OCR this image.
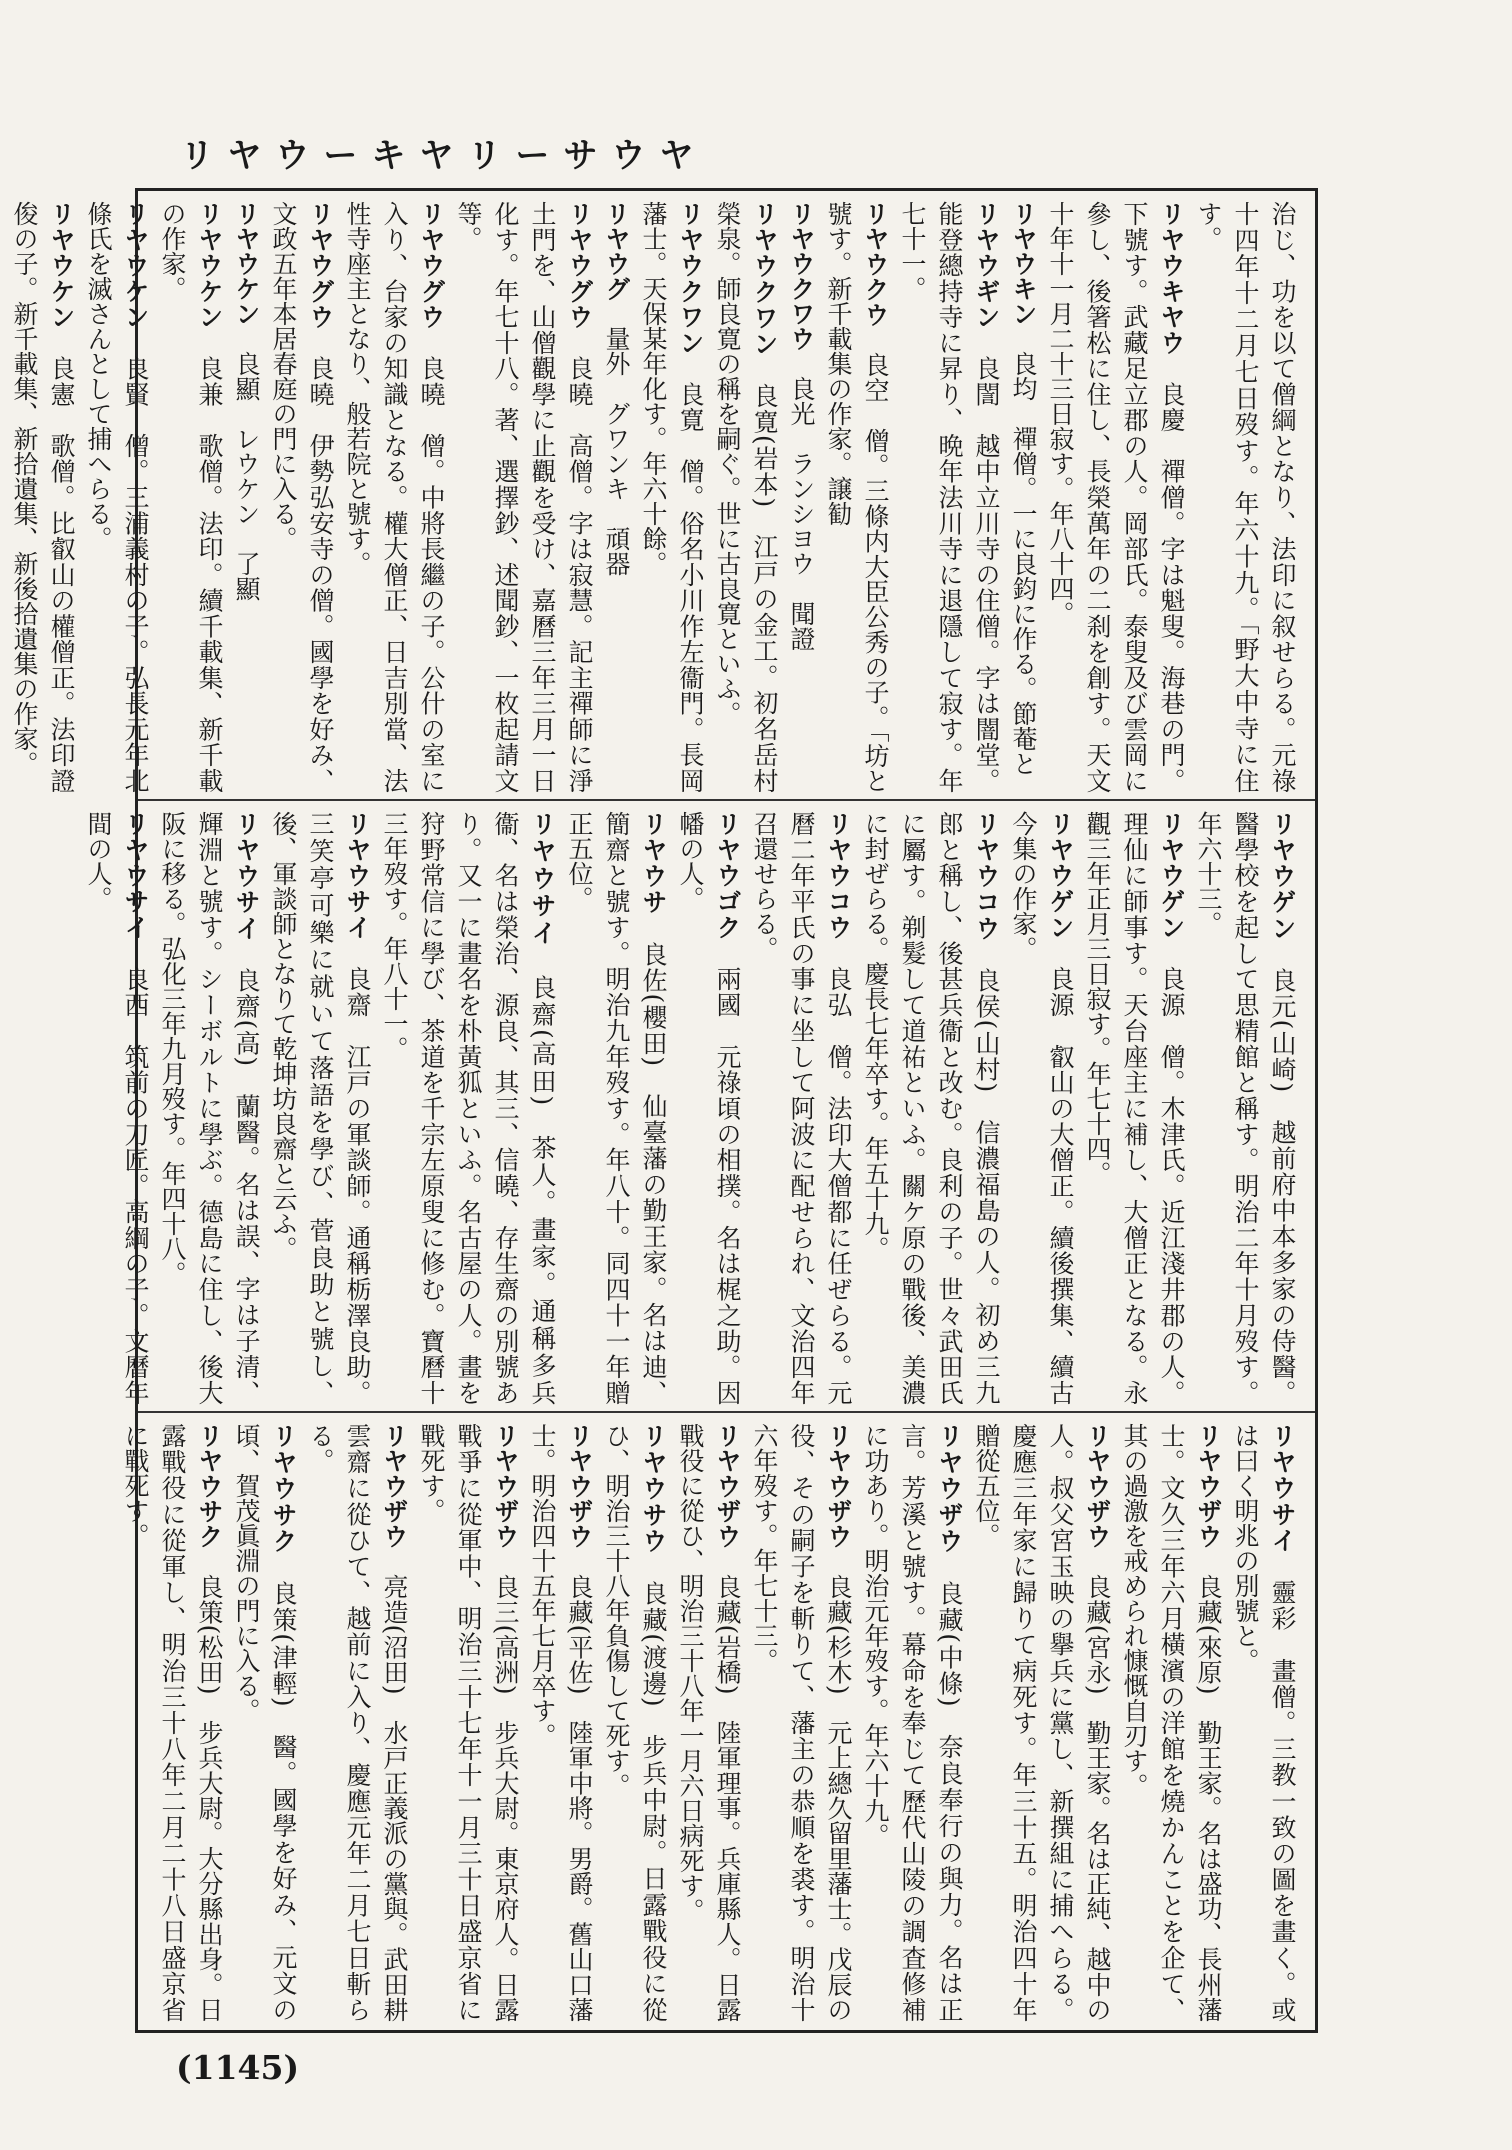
リヤウーキヤリーサウヤ
治じ、功を以て僧綱となり、法印に叙せらる。元祿十四年十二月七日歿す。年六十九。「野大中寺に住す。
リヤウキヤウ　良慶　禪僧。字は魁叟。海巷の門。下號す。武藏足立郡の人。岡部氏。泰叟及び雲岡に參し、後箸松に住し、長榮萬年の二刹を創す。天文十年十一月二十三日寂す。年八十四。
リヤウキン　良均　禪僧。一に良鈞に作る。節菴と
リヤウギン　良誾　越中立川寺の住僧。字は闇堂。能登總持寺に昇り、晩年法川寺に退隱して寂す。年七十一。
リヤウクウ　良空　僧。三條内大臣公秀の子。「坊と號す。新千載集の作家。譲勧
リヤウクワウ　良光　ランシヨウ　聞證
リヤウクワン　良寛(岩本)　江戸の金工。初名岳村榮泉。師良寛の稱を嗣ぐ。世に古良寛といふ。
リヤウクワン　良寛　僧。俗名小川作左衞門。長岡藩士。天保某年化す。年六十餘。
リヤウグ　量外　グワンキ　頑器
リヤウグウ　良曉　高僧。字は寂慧。記主禪師に淨土門を、山僧觀學に止觀を受け、嘉曆三年三月一日化す。年七十八。著、選擇鈔、述聞鈔、一枚起請文等。
リヤウグウ　良曉　僧。中將長繼の子。公什の室に入り、台家の知識となる。權大僧正、日吉別當、法性寺座主となり、般若院と號す。
リヤウグウ　良曉　伊勢弘安寺の僧。國學を好み、文政五年本居春庭の門に入る。
リヤウケン　良顯　レウケン　了顯
リヤウケン　良兼　歌僧。法印。續千載集、新千載の作家。
リヤウケン　良賢　僧。三浦義村の子。弘長元年北條氏を滅さんとして捕へらる。
リヤウケン　良憲　歌僧。比叡山の權僧正。法印證俊の子。新千載集、新拾遺集、新後拾遺集の作家。
リヤウゲン　良元(山崎)　越前府中本多家の侍醫。醫學校を起して思精館と稱す。明治二年十月歿す。年六十三。
リヤウゲン　良源　僧。木津氏。近江淺井郡の人。理仙に師事す。天台座主に補し、大僧正となる。永觀三年正月三日寂す。年七十四。
リヤウゲン　良源　叡山の大僧正。續後撰集、續古今集の作家。
リヤウコウ　良侯(山村)　信濃福島の人。初め三九郎と稱し、後甚兵衞と改む。良利の子。世々武田氏に屬す。剃髮して道祐といふ。關ケ原の戰後、美濃に封ぜらる。慶長七年卒す。年五十九。
リヤウコウ　良弘　僧。法印大僧都に任ぜらる。元曆二年平氏の事に坐して阿波に配せられ、文治四年召還せらる。
リヤウゴク　兩國　元祿頃の相撲。名は梶之助。因幡の人。
リヤウサ　良佐(櫻田)　仙臺藩の勤王家。名は迪、簡齋と號す。明治九年歿す。年八十。同四十一年贈正五位。
リヤウサイ　良齋(高田)　茶人。畫家。通稱多兵衞、名は榮治、源良、其三、信曉、存生齋の別號あり。又一に畫名を朴黃狐といふ。名古屋の人。畫を狩野常信に學び、茶道を千宗左原叟に修む。寶曆十三年歿す。年八十一。
リヤウサイ　良齋　江戸の軍談師。通稱栃澤良助。三笑亭可樂に就いて落語を學び、菅良助と號し、後、軍談師となりて乾坤坊良齋と云ふ。
リヤウサイ　良齋(高)　蘭醫。名は誤、字は子清、輝淵と號す。シーボルトに學ぶ。德島に住し、後大阪に移る。弘化三年九月歿す。年四十八。
リヤウサイ　良西　筑前の刀匠。高綱の子。文曆年間の人。
リヤウサイ　靈彩　畫僧。三教一致の圖を畫く。或は曰く明兆の別號と。
リヤウザウ　良藏(來原)　勤王家。名は盛功、長州藩士。文久三年六月橫濱の洋館を燒かんことを企て、其の過激を戒められ慷慨自刃す。
リヤウザウ　良藏(宮永)　勤王家。名は正純、越中の人。叔父宮玉映の擧兵に黨し、新撰組に捕へらる。慶應三年家に歸りて病死す。年三十五。明治四十年贈從五位。
リヤウザウ　良藏(中條)　奈良奉行の與力。名は正言。芳溪と號す。幕命を奉じて歷代山陵の調査修補に功あり。明治元年歿す。年六十九。
リヤウザウ　良藏(杉木)　元上總久留里藩士。戊辰の役、その嗣子を斬りて、藩主の恭順を裘す。明治十六年歿す。年七十三。
リヤウザウ　良藏(岩橋)　陸軍理事。兵庫縣人。日露戰役に從ひ、明治三十八年一月六日病死す。
リヤウサウ　良藏(渡邊)　步兵中尉。日露戰役に從ひ、明治三十八年負傷して死す。
リヤウザウ　良藏(平佐)　陸軍中將。男爵。舊山口藩士。明治四十五年七月卒す。
リヤウザウ　良三(高洲)　步兵大尉。東京府人。日露戰爭に從軍中、明治三十七年十一月三十日盛京省に戰死す。
リヤウザウ　亮造(沼田)　水戸正義派の黨與。武田耕雲齋に從ひて、越前に入り、慶應元年二月七日斬らる。
リヤウサク　良策(津輕)　醫。國學を好み、元文の頃、賀茂眞淵の門に入る。
リヤウサク　良策(松田)　步兵大尉。大分縣出身。日露戰役に從軍し、明治三十八年二月二十八日盛京省に戰死す。
(1145)
